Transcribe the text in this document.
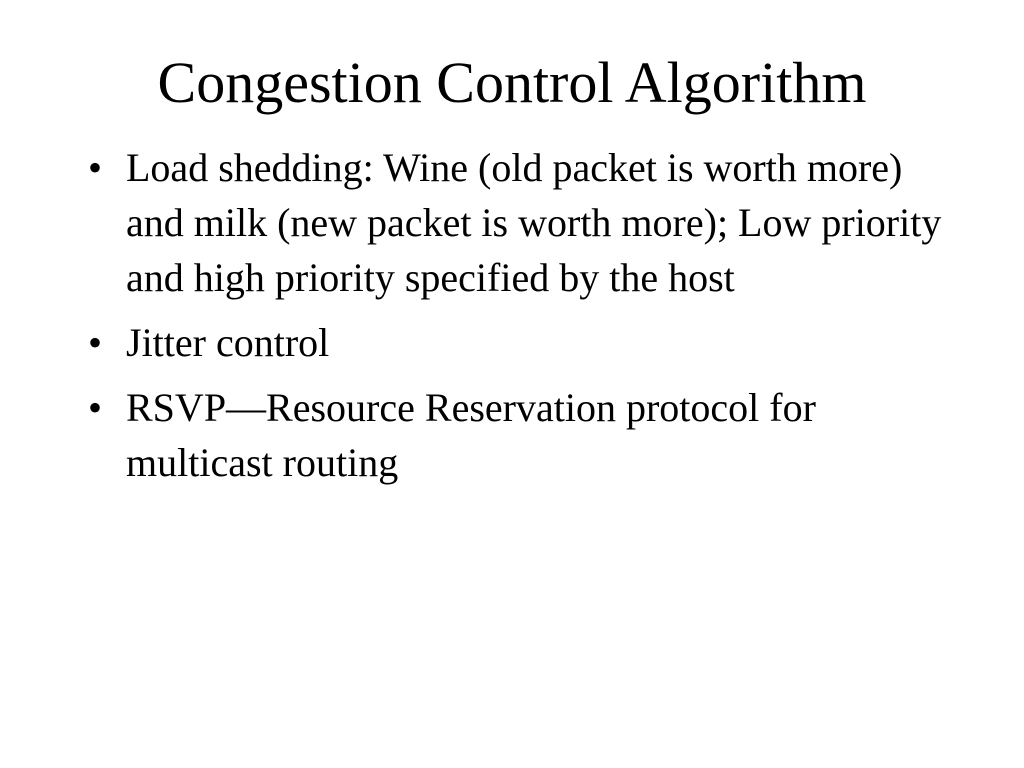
Congestion Control Algorithm
• Load shedding: Wine (old packet is worth more) and milk (new packet is worth more); Low priority and high priority specified by the host
• Jitter control
• RSVP—Resource Reservation protocol for multicast routing
